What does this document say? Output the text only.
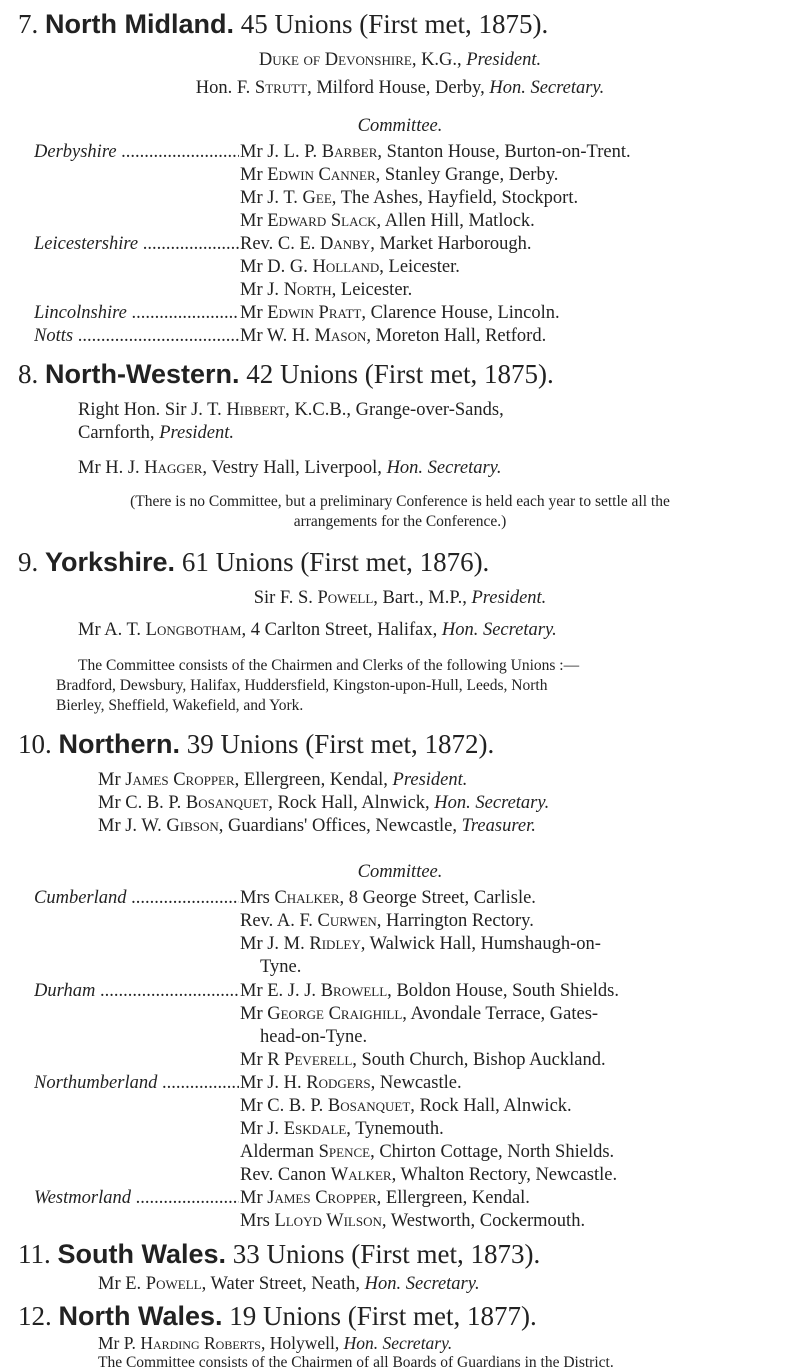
7. North Midland. 45 Unions (First met, 1875).
Duke of Devonshire, K.G., President.
Hon. F. Strutt, Milford House, Derby, Hon. Secretary.
Committee.
Derbyshire .....	Mr J. L. P. Barber, Stanton House, Burton-on-Trent.
Mr Edwin Canner, Stanley Grange, Derby.
Mr J. T. Gee, The Ashes, Hayfield, Stockport.
Mr Edward Slack, Allen Hill, Matlock.
Leicestershire .....	Rev. C. E. Danby, Market Harborough.
Mr D. G. Holland, Leicester.
Mr J. North, Leicester.
Lincolnshire .....	Mr Edwin Pratt, Clarence House, Lincoln.
Notts .....	Mr W. H. Mason, Moreton Hall, Retford.
8. North-Western. 42 Unions (First met, 1875).
Right Hon. Sir J. T. Hibbert, K.C.B., Grange-over-Sands,
Carnforth, President.
Mr H. J. Hagger, Vestry Hall, Liverpool, Hon. Secretary.
(There is no Committee, but a preliminary Conference is held each year to settle all the
arrangements for the Conference.)
9. Yorkshire. 61 Unions (First met, 1876).
Sir F. S. Powell, Bart., M.P., President.
Mr A. T. Longbotham, 4 Carlton Street, Halifax, Hon. Secretary.
The Committee consists of the Chairmen and Clerks of the following Unions :—
Bradford, Dewsbury, Halifax, Huddersfield, Kingston-upon-Hull, Leeds, North
Bierley, Sheffield, Wakefield, and York.
10. Northern. 39 Unions (First met, 1872).
Mr James Cropper, Ellergreen, Kendal, President.
Mr C. B. P. Bosanquet, Rock Hall, Alnwick, Hon. Secretary.
Mr J. W. Gibson, Guardians' Offices, Newcastle, Treasurer.
Committee.
Cumberland .....	Mrs Chalker, 8 George Street, Carlisle.
Rev. A. F. Curwen, Harrington Rectory.
Mr J. M. Ridley, Walwick Hall, Humshaugh-on-
Tyne.
Durham .....	Mr E. J. J. Browell, Boldon House, South Shields.
Mr George Craighill, Avondale Terrace, Gates-
head-on-Tyne.
Mr R Peverell, South Church, Bishop Auckland.
Northumberland .....	Mr J. H. Rodgers, Newcastle.
Mr C. B. P. Bosanquet, Rock Hall, Alnwick.
Mr J. Eskdale, Tynemouth.
Alderman Spence, Chirton Cottage, North Shields.
Rev. Canon Walker, Whalton Rectory, Newcastle.
Westmorland .....	Mr James Cropper, Ellergreen, Kendal.
Mrs Lloyd Wilson, Westworth, Cockermouth.
11. South Wales. 33 Unions (First met, 1873).
Mr E. Powell, Water Street, Neath, Hon. Secretary.
12. North Wales. 19 Unions (First met, 1877).
Mr P. Harding Roberts, Holywell, Hon. Secretary.
The Committee consists of the Chairmen of all Boards of Guardians in the District.
